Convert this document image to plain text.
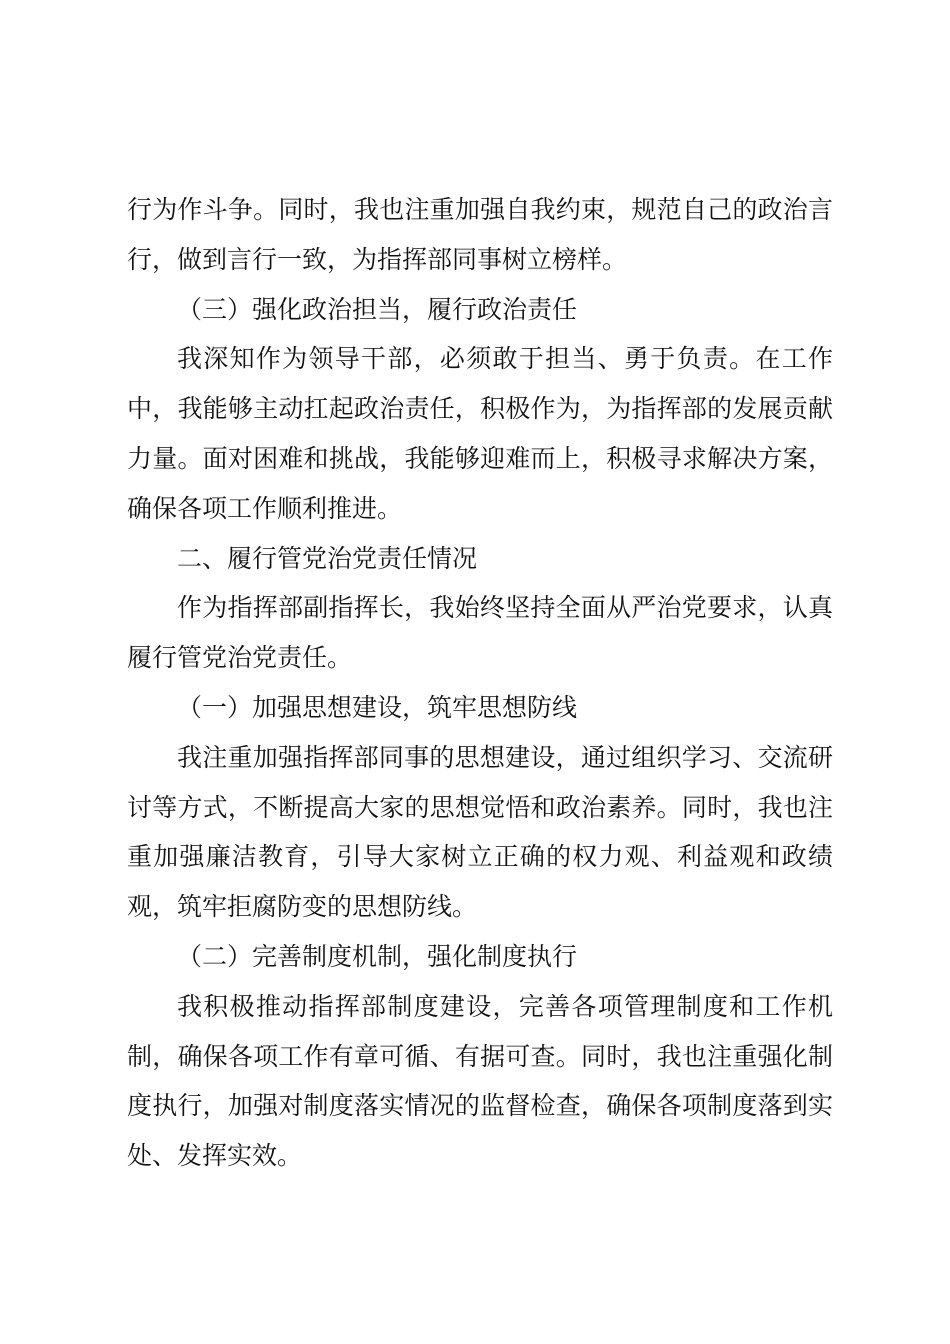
行为作斗争。同时，我也注重加强自我约束，规范自己的政治言行，做到言行一致，为指挥部同事树立榜样。

（三）强化政治担当，履行政治责任

我深知作为领导干部，必须敢于担当、勇于负责。在工作中，我能够主动扛起政治责任，积极作为，为指挥部的发展贡献力量。面对困难和挑战，我能够迎难而上，积极寻求解决方案，确保各项工作顺利推进。

二、履行管党治党责任情况

作为指挥部副指挥长，我始终坚持全面从严治党要求，认真履行管党治党责任。

（一）加强思想建设，筑牢思想防线

我注重加强指挥部同事的思想建设，通过组织学习、交流研讨等方式，不断提高大家的思想觉悟和政治素养。同时，我也注重加强廉洁教育，引导大家树立正确的权力观、利益观和政绩观，筑牢拒腐防变的思想防线。

（二）完善制度机制，强化制度执行

我积极推动指挥部制度建设，完善各项管理制度和工作机制，确保各项工作有章可循、有据可查。同时，我也注重强化制度执行，加强对制度落实情况的监督检查，确保各项制度落到实处、发挥实效。
